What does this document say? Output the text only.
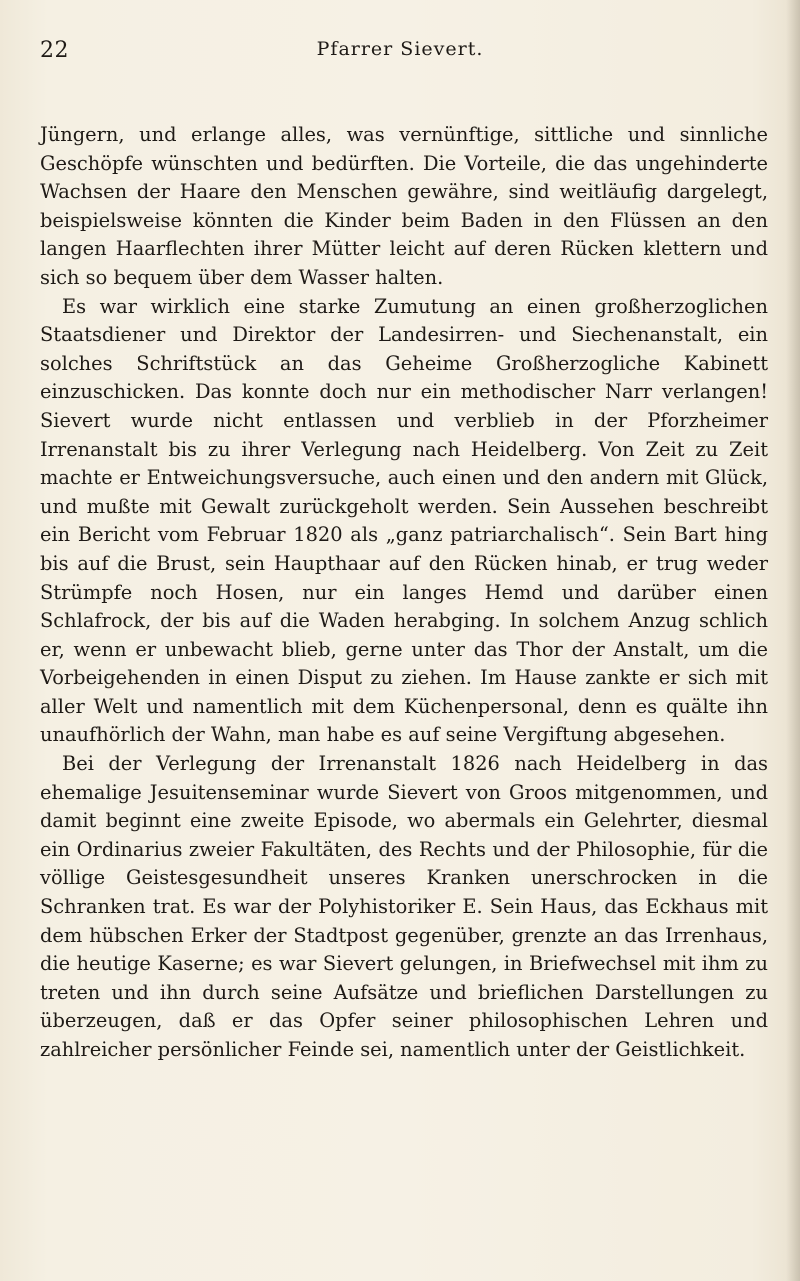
22	Pfarrer Sievert.

Jüngern, und erlange alles, was vernünftige, sittliche und sinnliche Geschöpfe wünschten und bedürften. Die Vorteile, die das ungehinderte Wachsen der Haare den Menschen gewähre, sind weitläufig dargelegt, beispielsweise könnten die Kinder beim Baden in den Flüssen an den langen Haarflechten ihrer Mütter leicht auf deren Rücken klettern und sich so bequem über dem Wasser halten.

Es war wirklich eine starke Zumutung an einen großherzoglichen Staatsdiener und Direktor der Landesirren- und Siechenanstalt, ein solches Schriftstück an das Geheime Großherzogliche Kabinett einzuschicken. Das konnte doch nur ein methodischer Narr verlangen! Sievert wurde nicht entlassen und verblieb in der Pforzheimer Irrenanstalt bis zu ihrer Verlegung nach Heidelberg. Von Zeit zu Zeit machte er Entweichungsversuche, auch einen und den andern mit Glück, und mußte mit Gewalt zurückgeholt werden. Sein Aussehen beschreibt ein Bericht vom Februar 1820 als „ganz patriarchalisch“. Sein Bart hing bis auf die Brust, sein Haupthaar auf den Rücken hinab, er trug weder Strümpfe noch Hosen, nur ein langes Hemd und darüber einen Schlafrock, der bis auf die Waden herabging. In solchem Anzug schlich er, wenn er unbewacht blieb, gerne unter das Thor der Anstalt, um die Vorbeigehenden in einen Disput zu ziehen. Im Hause zankte er sich mit aller Welt und namentlich mit dem Küchenpersonal, denn es quälte ihn unaufhörlich der Wahn, man habe es auf seine Vergiftung abgesehen.

Bei der Verlegung der Irrenanstalt 1826 nach Heidelberg in das ehemalige Jesuitenseminar wurde Sievert von Groos mitgenommen, und damit beginnt eine zweite Episode, wo abermals ein Gelehrter, diesmal ein Ordinarius zweier Fakultäten, des Rechts und der Philosophie, für die völlige Geistesgesundheit unseres Kranken unerschrocken in die Schranken trat. Es war der Polyhistoriker E. Sein Haus, das Eckhaus mit dem hübschen Erker der Stadtpost gegenüber, grenzte an das Irrenhaus, die heutige Kaserne; es war Sievert gelungen, in Briefwechsel mit ihm zu treten und ihn durch seine Aufsätze und brieflichen Darstellungen zu überzeugen, daß er das Opfer seiner philosophischen Lehren und zahlreicher persönlicher Feinde sei, namentlich unter der Geistlichkeit.
